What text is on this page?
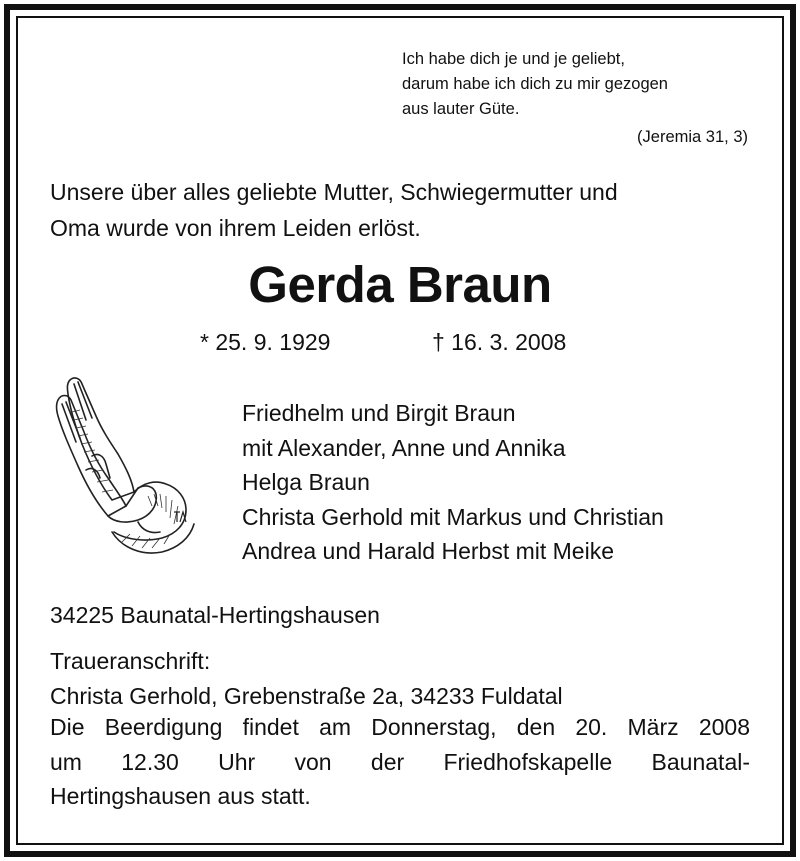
Ich habe dich je und je geliebt,
darum habe ich dich zu mir gezogen
aus lauter Güte.
(Jeremia 31, 3)
Unsere über alles geliebte Mutter, Schwiegermutter und
Oma wurde von ihrem Leiden erlöst.
Gerda Braun
* 25. 9. 1929	† 16. 3. 2008
Friedhelm und Birgit Braun
mit Alexander, Anne und Annika
Helga Braun
Christa Gerhold mit Markus und Christian
Andrea und Harald Herbst mit Meike
34225 Baunatal-Hertingshausen
Traueranschrift:
Christa Gerhold, Grebenstraße 2a, 34233 Fuldatal
Die Beerdigung findet am Donnerstag, den 20. März 2008
um 12.30 Uhr von der Friedhofskapelle Baunatal-
Hertingshausen aus statt.
